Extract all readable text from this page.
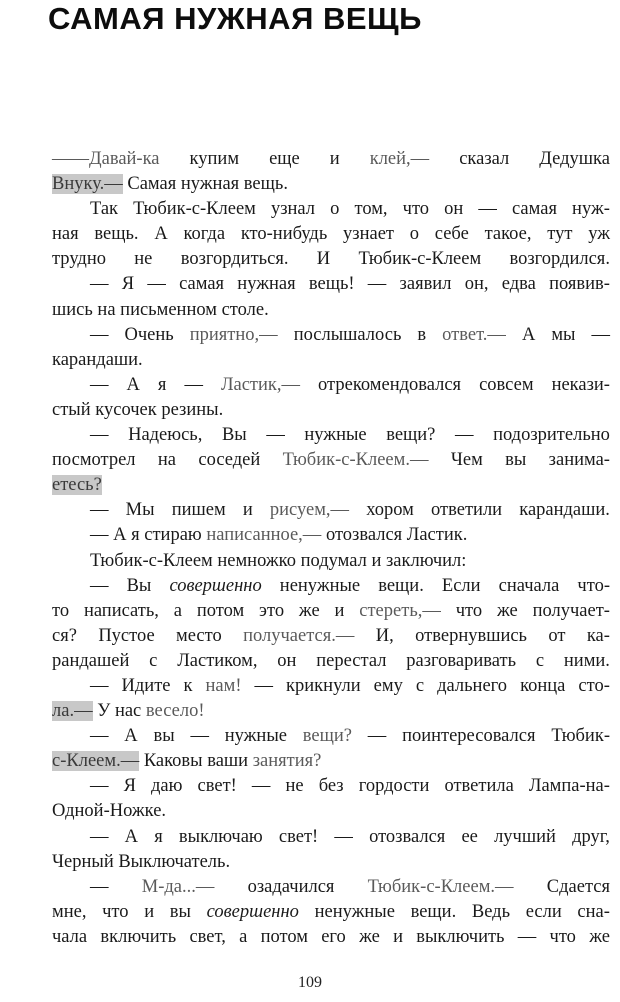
САМАЯ НУЖНАЯ ВЕЩЬ
——Давай-ка купим еще и клей,— сказал Дедушка
Внуку.— Самая нужная вещь.
Так Тюбик-с-Клеем узнал о том, что он — самая нуж-
ная вещь. А когда кто-нибудь узнает о себе такое, тут уж
трудно не возгордиться. И Тюбик-с-Клеем возгордился.
— Я — самая нужная вещь! — заявил он, едва появив-
шись на письменном столе.
— Очень приятно,— послышалось в ответ.— А мы —
карандаши.
— А я — Ластик,— отрекомендовался совсем некази-
стый кусочек резины.
— Надеюсь, Вы — нужные вещи? — подозрительно
посмотрел на соседей Тюбик-с-Клеем.— Чем вы занима-
етесь?
— Мы пишем и рисуем,— хором ответили карандаши.
— А я стираю написанное,— отозвался Ластик.
Тюбик-с-Клеем немножко подумал и заключил:
— Вы совершенно ненужные вещи. Если сначала что-
то написать, а потом это же и стереть,— что же получает-
ся? Пустое место получается.— И, отвернувшись от ка-
рандашей с Ластиком, он перестал разговаривать с ними.
— Идите к нам! — крикнули ему с дальнего конца сто-
ла.— У нас весело!
— А вы — нужные вещи? — поинтересовался Тюбик-
с-Клеем.— Каковы ваши занятия?
— Я даю свет! — не без гордости ответила Лампа-на-
Одной-Ножке.
— А я выключаю свет! — отозвался ее лучший друг,
Черный Выключатель.
— М-да...— озадачился Тюбик-с-Клеем.— Сдается
мне, что и вы совершенно ненужные вещи. Ведь если сна-
чала включить свет, а потом его же и выключить — что же
109
